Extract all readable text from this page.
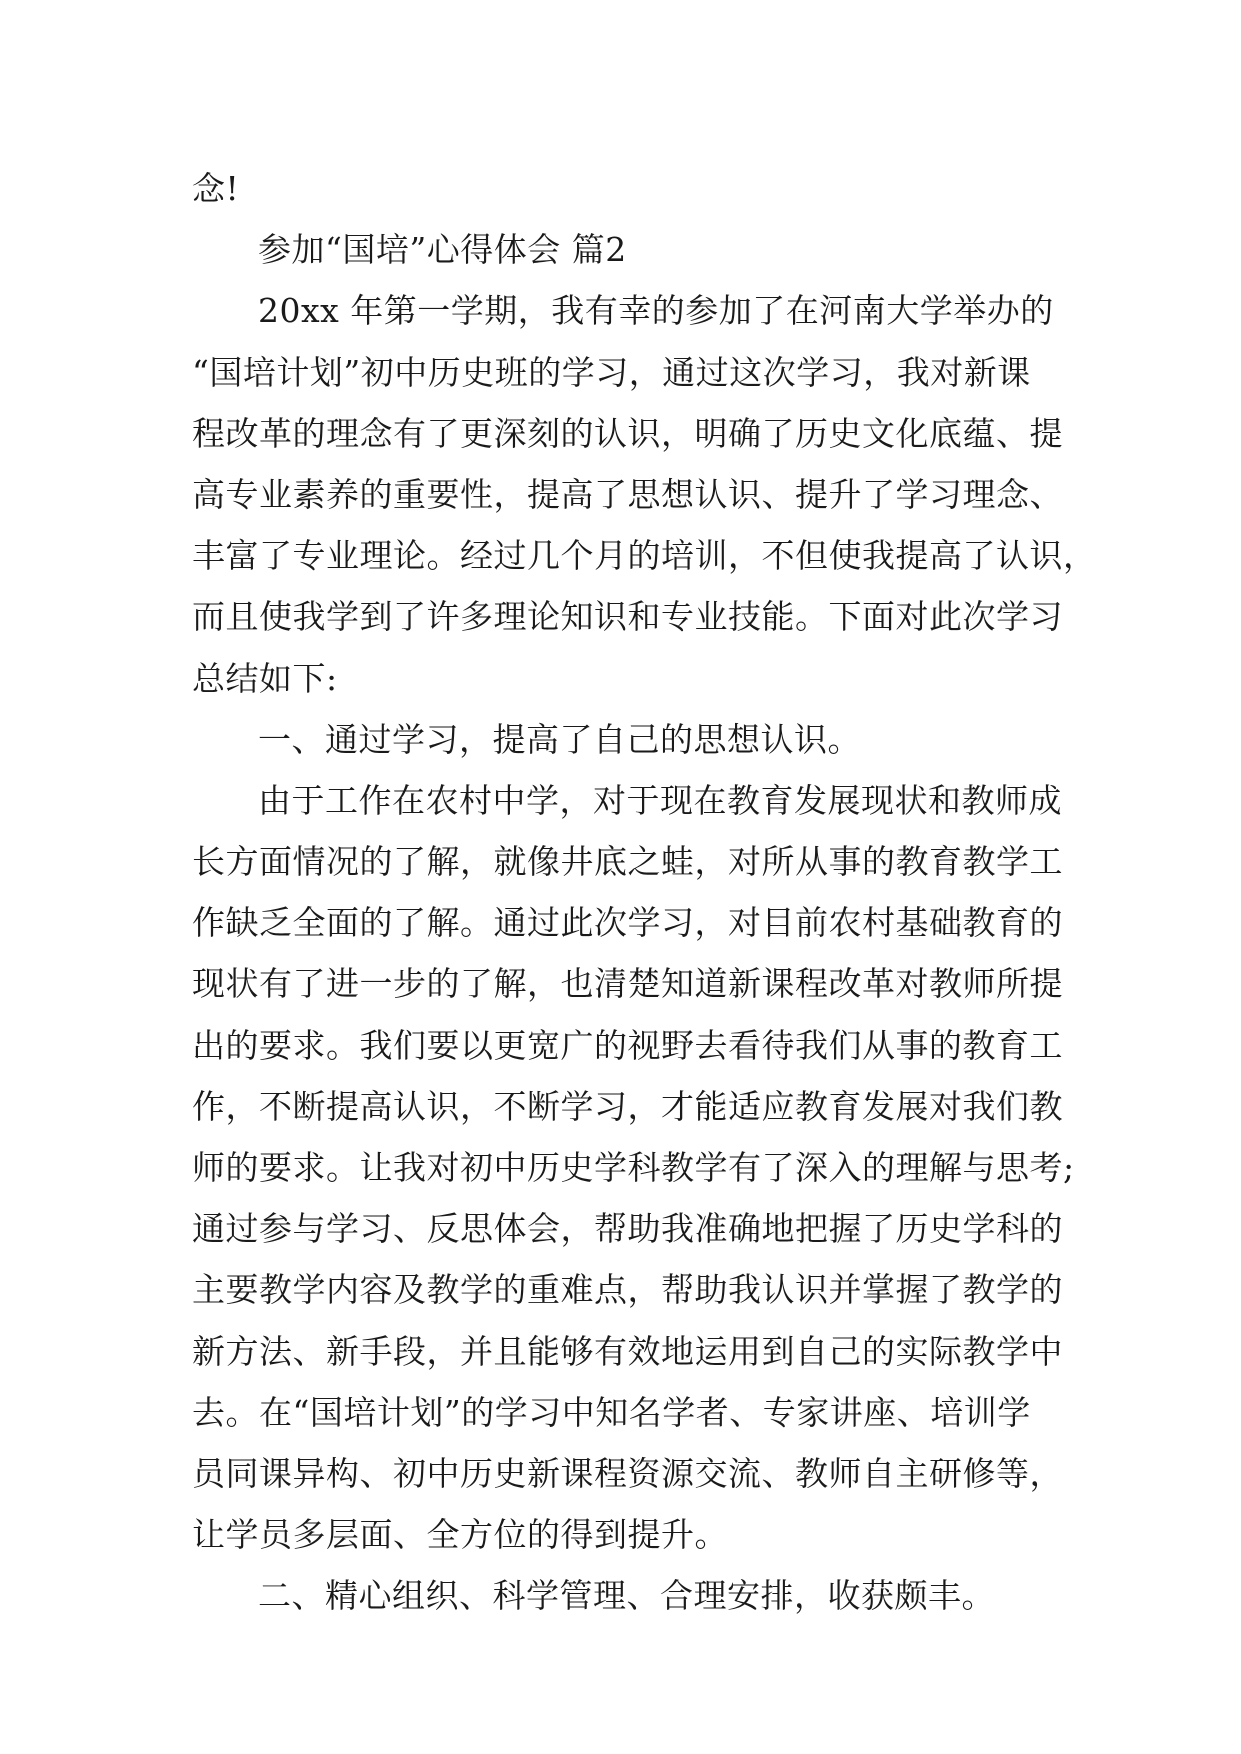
念!
参加“国培”心得体会 篇2
20xx 年第一学期，我有幸的参加了在河南大学举办的
“国培计划”初中历史班的学习，通过这次学习，我对新课
程改革的理念有了更深刻的认识，明确了历史文化底蕴、提
高专业素养的重要性，提高了思想认识、提升了学习理念、
丰富了专业理论。经过几个月的培训，不但使我提高了认识，
而且使我学到了许多理论知识和专业技能。下面对此次学习
总结如下:
一、通过学习，提高了自己的思想认识。
由于工作在农村中学，对于现在教育发展现状和教师成
长方面情况的了解，就像井底之蛙，对所从事的教育教学工
作缺乏全面的了解。通过此次学习，对目前农村基础教育的
现状有了进一步的了解，也清楚知道新课程改革对教师所提
出的要求。我们要以更宽广的视野去看待我们从事的教育工
作，不断提高认识，不断学习，才能适应教育发展对我们教
师的要求。让我对初中历史学科教学有了深入的理解与思考;
通过参与学习、反思体会，帮助我准确地把握了历史学科的
主要教学内容及教学的重难点，帮助我认识并掌握了教学的
新方法、新手段，并且能够有效地运用到自己的实际教学中
去。在“国培计划”的学习中知名学者、专家讲座、培训学
员同课异构、初中历史新课程资源交流、教师自主研修等，
让学员多层面、全方位的得到提升。
二、精心组织、科学管理、合理安排，收获颇丰。
